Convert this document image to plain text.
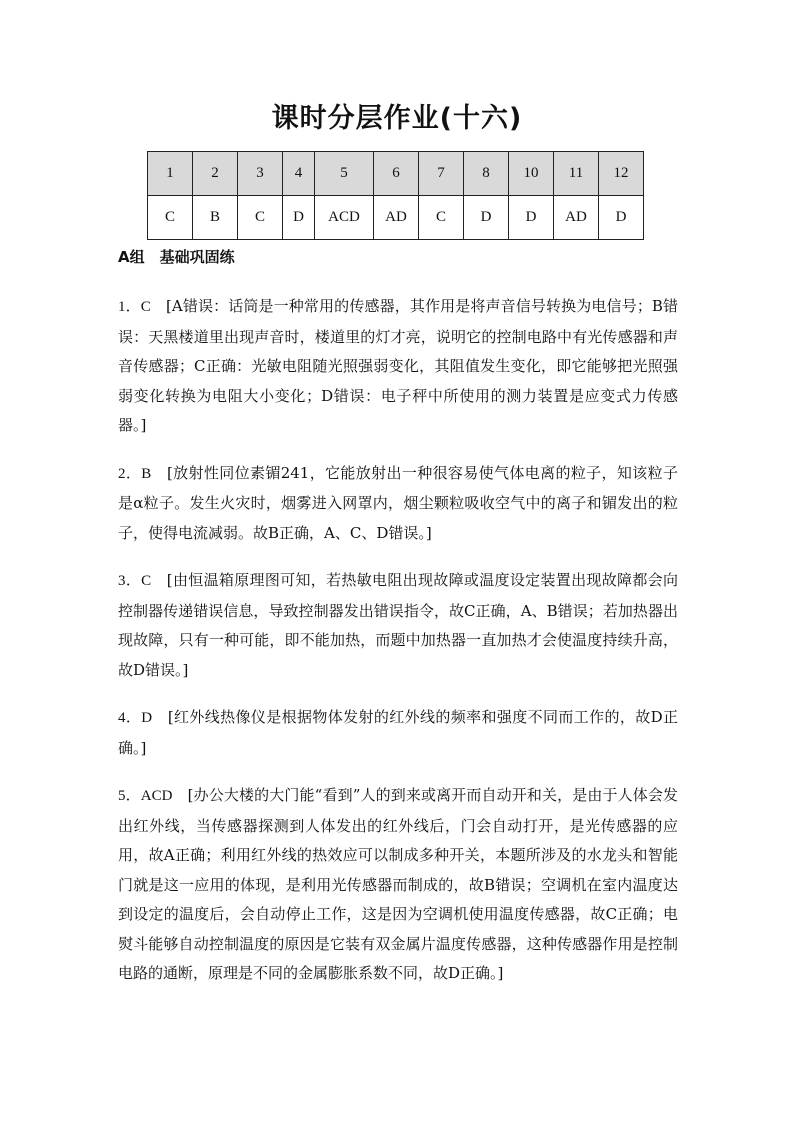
课时分层作业(十六)
1	2	3	4	5	6	7	8	10	11	12
C	B	C	D	ACD	AD	C	D	D	AD	D
A组　基础巩固练

1．C　 [A错误：话筒是一种常用的传感器，其作用是将声音信号转换为电信号；B错误：天黑楼道里出现声音时，楼道里的灯才亮，说明它的控制电路中有光传感器和声音传感器；C正确：光敏电阻随光照强弱变化，其阻值发生变化，即它能够把光照强弱变化转换为电阻大小变化；D错误：电子秤中所使用的测力装置是应变式力传感器。]

2．B　 [放射性同位素镅241，它能放射出一种很容易使气体电离的粒子，知该粒子是α粒子。发生火灾时，烟雾进入网罩内，烟尘颗粒吸收空气中的离子和镅发出的粒子，使得电流减弱。故B正确，A、C、D错误。]

3．C　 [由恒温箱原理图可知，若热敏电阻出现故障或温度设定装置出现故障都会向控制器传递错误信息，导致控制器发出错误指令，故C正确，A、B错误；若加热器出现故障，只有一种可能，即不能加热，而题中加热器一直加热才会使温度持续升高，故D错误。]

4．D　 [红外线热像仪是根据物体发射的红外线的频率和强度不同而工作的，故D正确。]

5．ACD　 [办公大楼的大门能“看到”人的到来或离开而自动开和关，是由于人体会发出红外线，当传感器探测到人体发出的红外线后，门会自动打开，是光传感器的应用，故A正确；利用红外线的热效应可以制成多种开关，本题所涉及的水龙头和智能门就是这一应用的体现，是利用光传感器而制成的，故B错误；空调机在室内温度达到设定的温度后，会自动停止工作，这是因为空调机使用温度传感器，故C正确；电熨斗能够自动控制温度的原因是它装有双金属片温度传感器，这种传感器作用是控制电路的通断，原理是不同的金属膨胀系数不同，故D正确。]
